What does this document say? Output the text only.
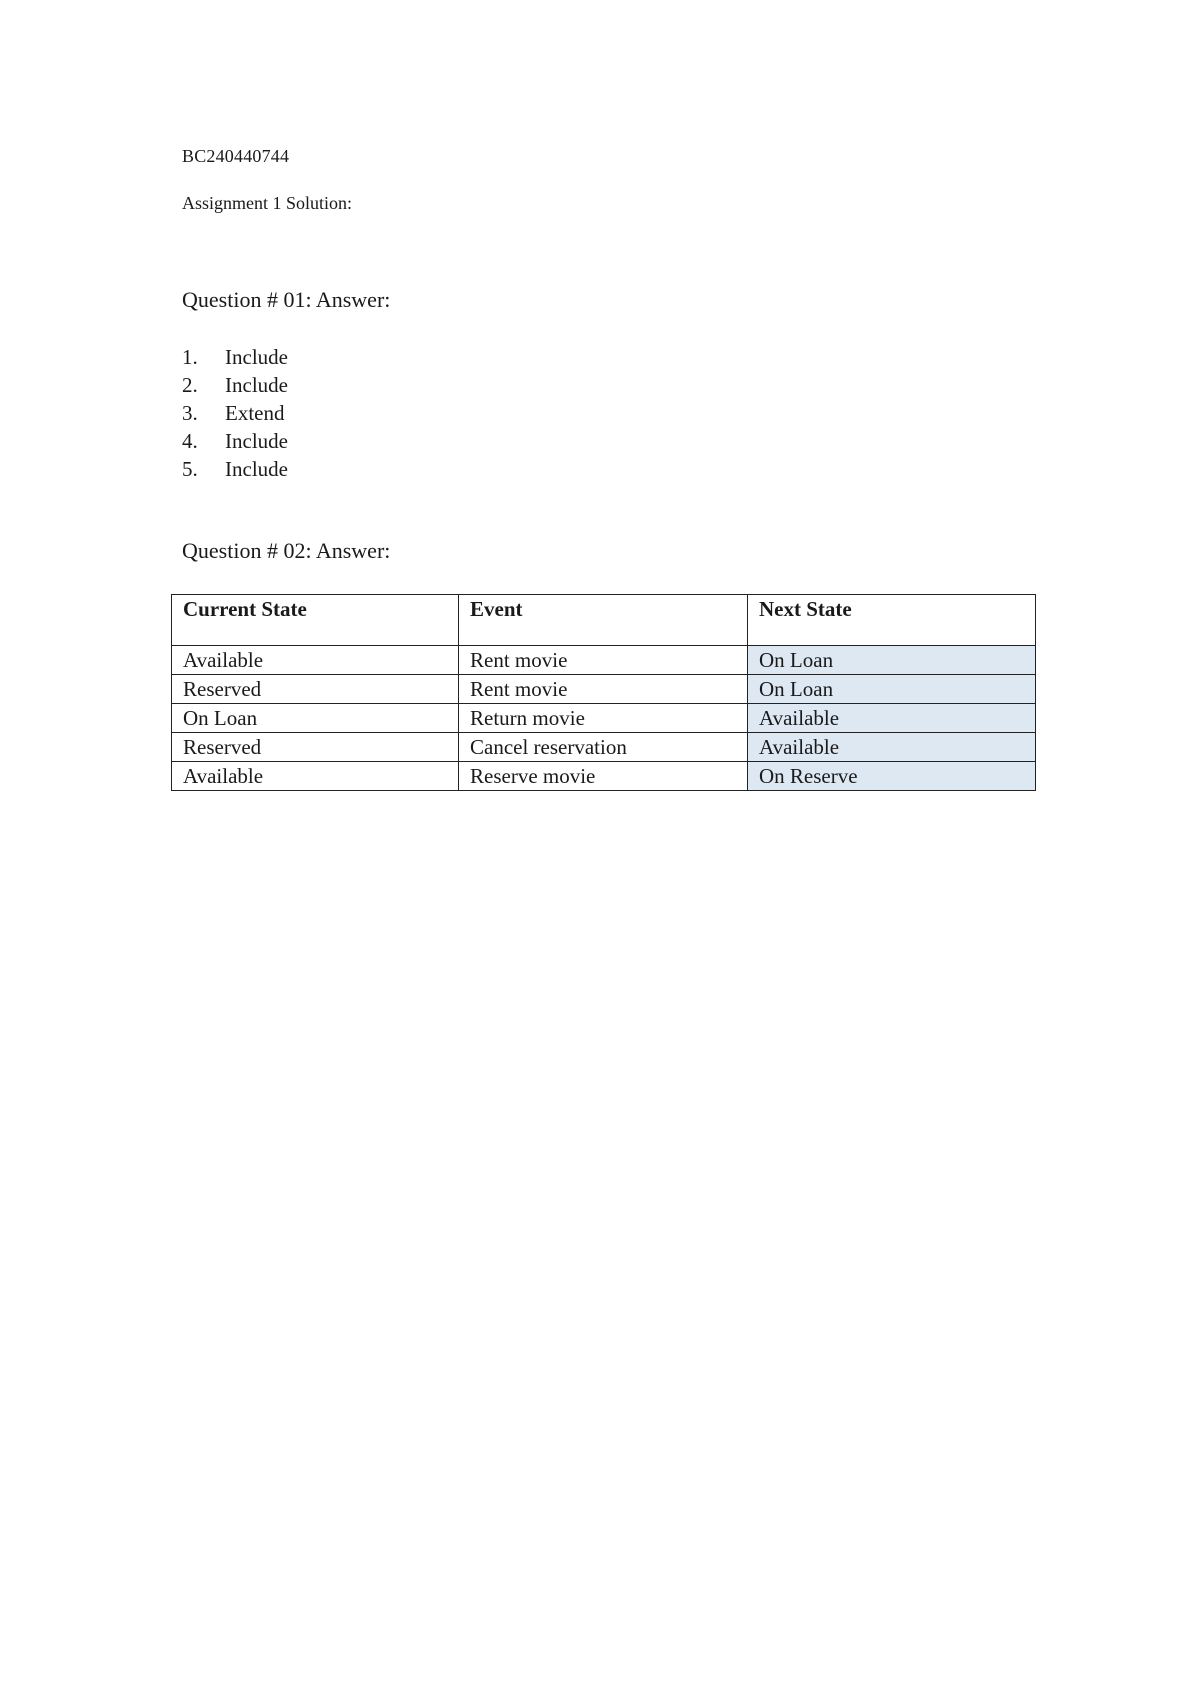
BC240440744
Assignment 1 Solution:
Question # 01: Answer:
1.	Include
2.	Include
3.	Extend
4.	Include
5.	Include
Question # 02: Answer:
Current State	Event	Next State
Available	Rent movie	On Loan
Reserved	Rent movie	On Loan
On Loan	Return movie	Available
Reserved	Cancel reservation	Available
Available	Reserve movie	On Reserve
